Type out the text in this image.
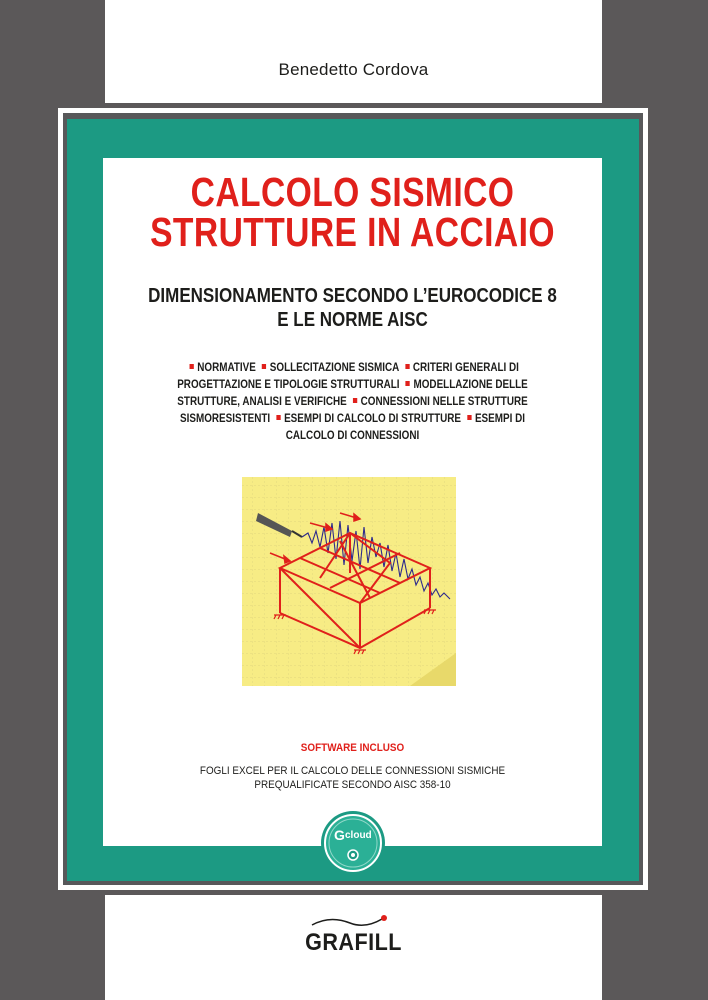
Benedetto Cordova
CALCOLO SISMICO
STRUTTURE IN ACCIAIO
DIMENSIONAMENTO SECONDO L’EUROCODICE 8
E LE NORME AISC
NORMATIVE SOLLECITAZIONE SISMICA CRITERI GENERALI DI PROGETTAZIONE E TIPOLOGIE STRUTTURALI MODELLAZIONE DELLE STRUTTURE, ANALISI E VERIFICHE CONNESSIONI NELLE STRUTTURE SISMORESISTENTI ESEMPI DI CALCOLO DI STRUTTURE ESEMPI DI CALCOLO DI CONNESSIONI
SOFTWARE INCLUSO
FOGLI EXCEL PER IL CALCOLO DELLE CONNESSIONI SISMICHE
PREQUALIFICATE SECONDO AISC 358-10
G cloud
GRAFILL
